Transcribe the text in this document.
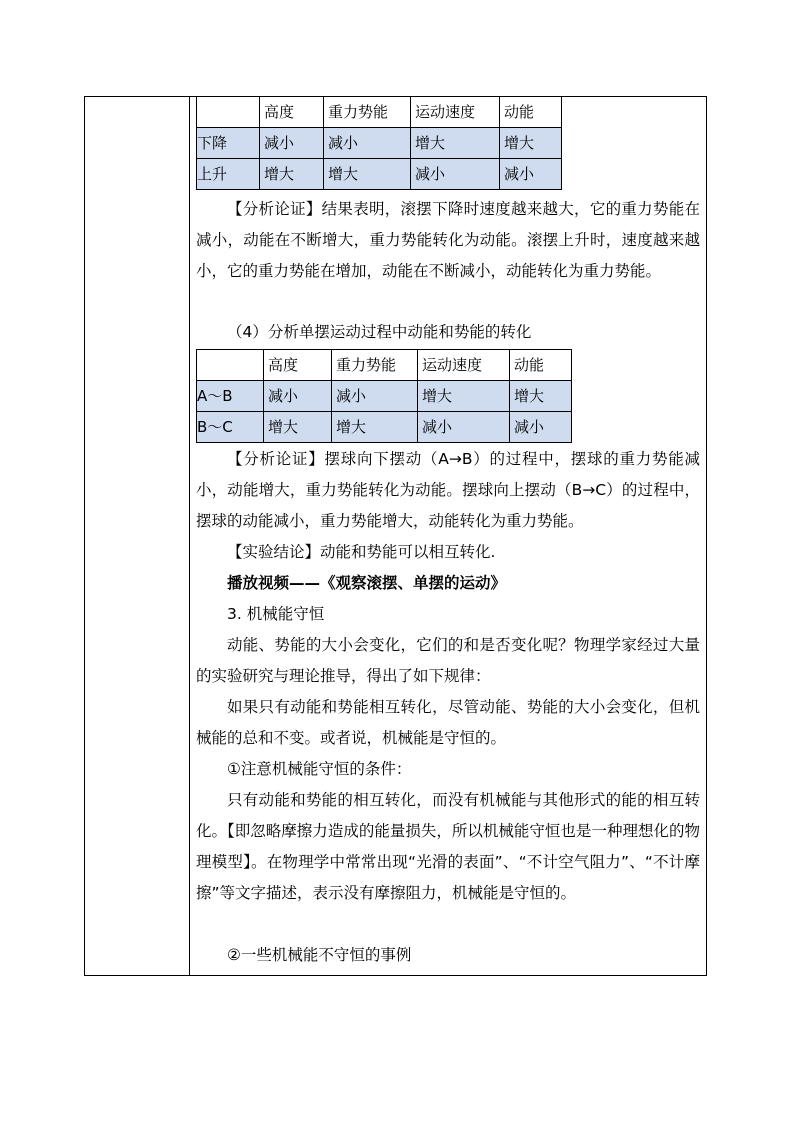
	高度	重力势能	运动速度	动能
下降	减小	减小	增大	增大
上升	增大	增大	减小	减小

【分析论证】结果表明，滚摆下降时速度越来越大，它的重力势能在减小，动能在不断增大，重力势能转化为动能。滚摆上升时，速度越来越小，它的重力势能在增加，动能在不断减小，动能转化为重力势能。

（4）分析单摆运动过程中动能和势能的转化
	高度	重力势能	运动速度	动能
A～B	减小	减小	增大	增大
B～C	增大	增大	减小	减小

【分析论证】摆球向下摆动（A→B）的过程中，摆球的重力势能减小，动能增大，重力势能转化为动能。摆球向上摆动（B→C）的过程中，摆球的动能减小，重力势能增大，动能转化为重力势能。

【实验结论】动能和势能可以相互转化.
播放视频——《观察滚摆、单摆的运动》
3. 机械能守恒

动能、势能的大小会变化，它们的和是否变化呢？物理学家经过大量的实验研究与理论推导，得出了如下规律：

如果只有动能和势能相互转化，尽管动能、势能的大小会变化，但机械能的总和不变。或者说，机械能是守恒的。

①注意机械能守恒的条件：

只有动能和势能的相互转化，而没有机械能与其他形式的能的相互转化。【即忽略摩擦力造成的能量损失，所以机械能守恒也是一种理想化的物理模型】。在物理学中常常出现“光滑的表面”、“不计空气阻力”、“不计摩擦”等文字描述，表示没有摩擦阻力，机械能是守恒的。

②一些机械能不守恒的事例
